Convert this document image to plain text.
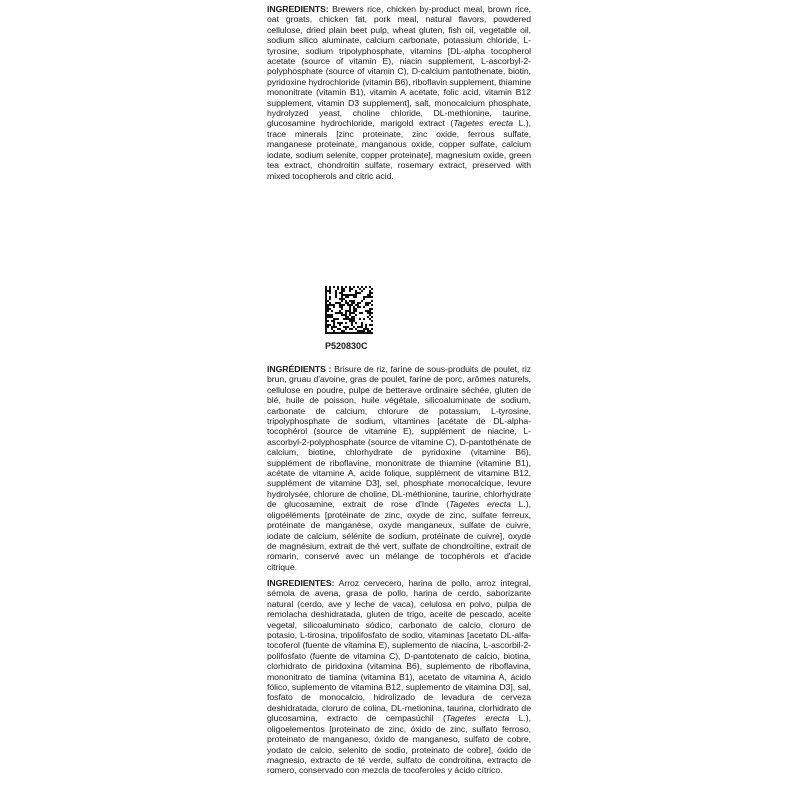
INGREDIENTS: Brewers rice, chicken by-product meal, brown rice, oat groats, chicken fat, pork meal, natural flavors, powdered cellulose, dried plain beet pulp, wheat gluten, fish oil, vegetable oil, sodium silico aluminate, calcium carbonate, potassium chloride, L-tyrosine, sodium tripolyphosphate, vitamins [DL-alpha tocopherol acetate (source of vitamin E), niacin supplement, L-ascorbyl-2-polyphosphate (source of vitamin C), D-calcium pantothenate, biotin, pyridoxine hydrochloride (vitamin B6), riboflavin supplement, thiamine mononitrate (vitamin B1), vitamin A acetate, folic acid, vitamin B12 supplement, vitamin D3 supplement], salt, monocalcium phosphate, hydrolyzed yeast, choline chloride, DL-methionine, taurine, glucosamine hydrochloride, marigold extract (Tagetes erecta L.), trace minerals [zinc proteinate, zinc oxide, ferrous sulfate, manganese proteinate, manganous oxide, copper sulfate, calcium iodate, sodium selenite, copper proteinate], magnesium oxide, green tea extract, chondroitin sulfate, rosemary extract, preserved with mixed tocopherols and citric acid.
P520830C
INGRÉDIENTS : Brisure de riz, farine de sous-produits de poulet, riz brun, gruau d'avoine, gras de poulet, farine de porc, arômes naturels, cellulose en poudre, pulpe de betterave ordinaire séchée, gluten de blé, huile de poisson, huile végétale, silicoaluminate de sodium, carbonate de calcium, chlorure de potassium, L-tyrosine, tripolyphosphate de sodium, vitamines [acétate de DL-alpha-tocophérol (source de vitamine E), supplément de niacine, L-ascorbyl-2-polyphosphate (source de vitamine C), D-pantothénate de calcium, biotine, chlorhydrate de pyridoxine (vitamine B6), supplément de riboflavine, mononitrate de thiamine (vitamine B1), acétate de vitamine A, acide folique, supplément de vitamine B12, supplément de vitamine D3], sel, phosphate monocalcique, levure hydrolysée, chlorure de choline, DL-méthionine, taurine, chlorhydrate de glucosamine, extrait de rose d'Inde (Tagetes erecta L.), oligoéléments [protéinate de zinc, oxyde de zinc, sulfate ferreux, protéinate de manganèse, oxyde manganeux, sulfate de cuivre, iodate de calcium, sélénite de sodium, protéinate de cuivre], oxyde de magnésium, extrait de thé vert, sulfate de chondroïtine, extrait de romarin, conservé avec un mélange de tocophérols et d'acide citrique.
INGREDIENTES: Arroz cervecero, harina de pollo, arroz integral, sémola de avena, grasa de pollo, harina de cerdo, saborizante natural (cerdo, ave y leche de vaca), celulosa en polvo, pulpa de remolacha deshidratada, gluten de trigo, aceite de pescado, aceite vegetal, silicoaluminato sódico, carbonato de calcio, cloruro de potasio, L-tirosina, tripolifosfato de sodio, vitaminas [acetato DL-alfa-tocoferol (fuente de vitamina E), suplemento de niacina, L-ascorbil-2-polifosfato (fuente de vitamina C), D-pantotenato de calcio, biotina, clorhidrato de piridoxina (vitamina B6), suplemento de riboflavina, mononitrato de tiamina (vitamina B1), acetato de vitamina A, ácido fólico, suplemento de vitamina B12, suplemento de vitamina D3], sal, fosfato de monocalcio, hidrolizado de levadura de cerveza deshidratada, cloruro de colina, DL-metionina, taurina, clorhidrato de glucosamina, extracto de cempasúchil (Tagetes erecta L.), oligoelementos [proteinato de zinc, óxido de zinc, sulfato ferroso, proteinato de manganeso, óxido de manganeso, sulfato de cobre, yodato de calcio, selenito de sodio, proteinato de cobre], óxido de magnesio, extracto de té verde, sulfato de condroitina, extracto de romero, conservado con mezcla de tocoferoles y ácido cítrico.
